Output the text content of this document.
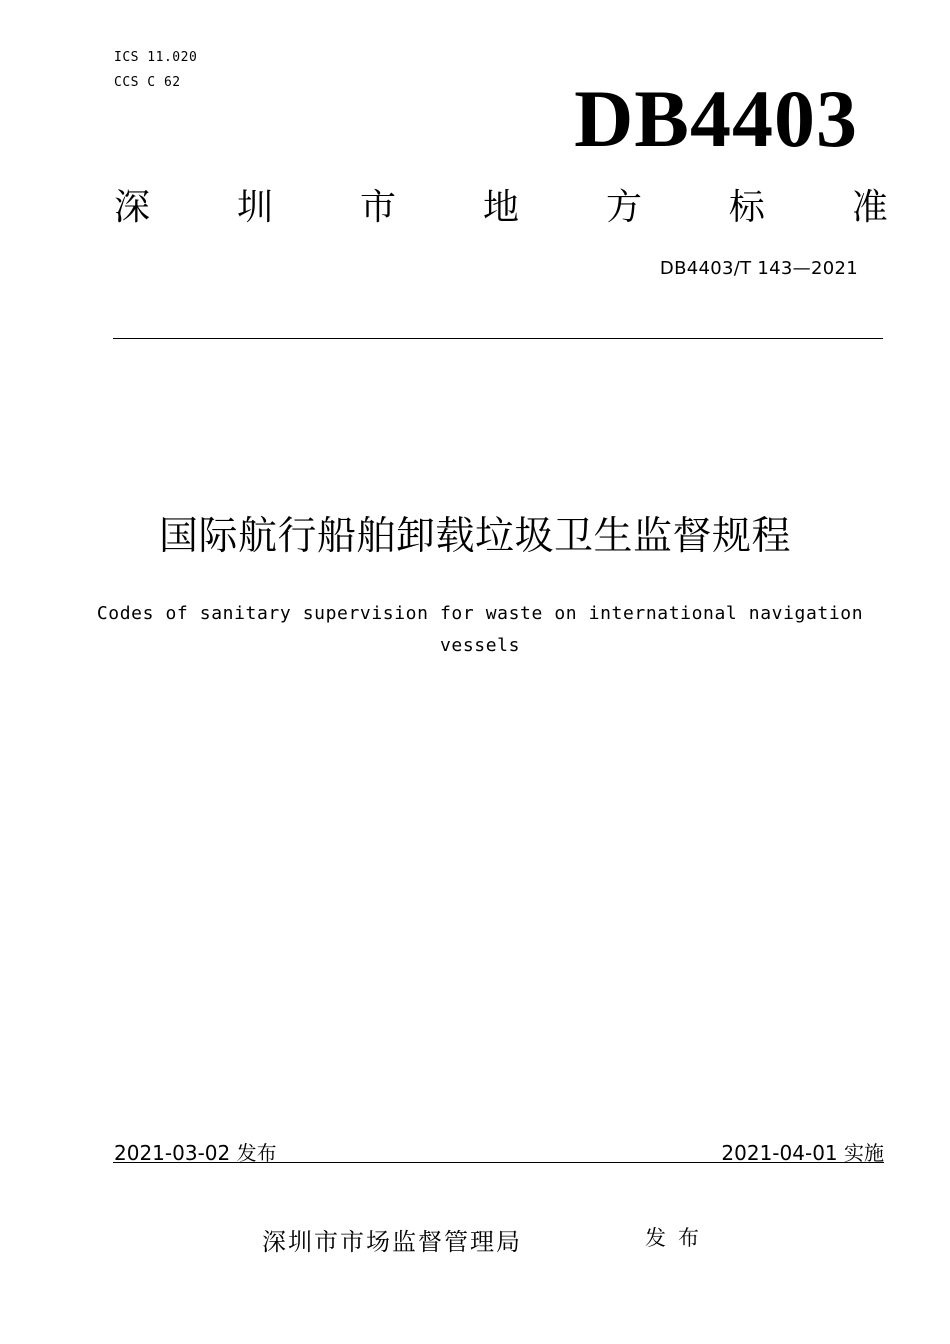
ICS 11.020
CCS C 62	DB4403
深 圳 市 地 方 标 准
DB4403/T 143—2021
国际航行船舶卸载垃圾卫生监督规程
Codes of sanitary supervision for waste on international navigation
vessels
2021-03-02 发布	2021-04-01 实施
深圳市市场监督管理局	发布
